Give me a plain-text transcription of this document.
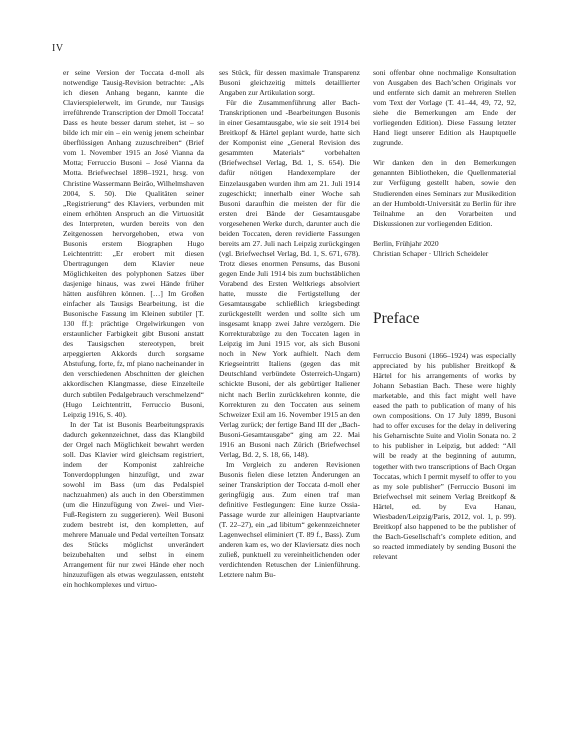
IV

er seine Version der Toccata d-moll als notwendige Tausig-Revision betrachte: „Als ich diesen Anhang begann, kannte die Clavierspielerwelt, im Grunde, nur Tausigs irreführende Transcription der Dmoll Toccata! Dass es heute besser darum stehet, ist – so bilde ich mir ein – ein wenig jenem scheinbar überflüssigen Anhang zuzuschreiben“ (Brief vom 1. November 1915 an José Vianna da Motta; Ferruccio Busoni – José Vianna da Motta. Briefwechsel 1898–1921, hrsg. von Christine Wassermann Beirão, Wilhelmshaven 2004, S. 50). Die Qualitäten seiner „Registrierung“ des Klaviers, verbunden mit einem erhöhten Anspruch an die Virtuosität des Interpreten, wurden bereits von den Zeitgenossen hervorgehoben, etwa von Busonis erstem Biographen Hugo Leichtentritt: „Er erobert mit diesen Übertragungen dem Klavier neue Möglichkeiten des polyphonen Satzes über dasjenige hinaus, was zwei Hände früher hätten ausführen können. […] Im Großen einfacher als Tausigs Bearbeitung, ist die Busonische Fassung im Kleinen subtiler [T. 130 ff.]: prächtige Orgelwirkungen von erstaunlicher Farbigkeit gibt Busoni anstatt des Tausigschen stereotypen, breit arpeggierten Akkords durch sorgsame Abstufung, forte, fz, mf piano nacheinander in den verschiedenen Abschnitten der gleichen akkordischen Klangmasse, diese Einzelteile durch subtilen Pedalgebrauch verschmelzend“ (Hugo Leichtentritt, Ferruccio Busoni, Leipzig 1916, S. 40).

In der Tat ist Busonis Bearbeitungspraxis dadurch gekennzeichnet, dass das Klangbild der Orgel nach Möglichkeit bewahrt werden soll. Das Klavier wird gleichsam registriert, indem der Komponist zahlreiche Tonverdopplungen hinzufügt, und zwar sowohl im Bass (um das Pedalspiel nachzuahmen) als auch in den Oberstimmen (um die Hinzufügung von Zwei- und Vier-Fuß-Registern zu suggerieren). Weil Busoni zudem bestrebt ist, den kompletten, auf mehrere Manuale und Pedal verteilten Tonsatz des Stücks möglichst unverändert beizubehalten und selbst in einem Arrangement für nur zwei Hände eher noch hinzuzufügen als etwas wegzulassen, entsteht ein hochkomplexes und virtuo-

ses Stück, für dessen maximale Transparenz Busoni gleichzeitig mittels detaillierter Angaben zur Artikulation sorgt.

Für die Zusammenführung aller Bach-Transkriptionen und -Bearbeitungen Busonis in einer Gesamtausgabe, wie sie seit 1914 bei Breitkopf & Härtel geplant wurde, hatte sich der Komponist eine „General Revision des gesammten Materials“ vorbehalten (Briefwechsel Verlag, Bd. 1, S. 654). Die dafür nötigen Handexemplare der Einzelausgaben wurden ihm am 21. Juli 1914 zugeschickt; innerhalb einer Woche sah Busoni daraufhin die meisten der für die ersten drei Bände der Gesamtausgabe vorgesehenen Werke durch, darunter auch die beiden Toccaten, deren revidierte Fassungen bereits am 27. Juli nach Leipzig zurückgingen (vgl. Briefwechsel Verlag, Bd. 1, S. 671, 678). Trotz dieses enormen Pensums, das Busoni gegen Ende Juli 1914 bis zum buchstäblichen Vorabend des Ersten Weltkriegs absolviert hatte, musste die Fertigstellung der Gesamtausgabe schließlich kriegsbedingt zurückgestellt werden und sollte sich um insgesamt knapp zwei Jahre verzögern. Die Korrekturabzüge zu den Toccaten lagen in Leipzig im Juni 1915 vor, als sich Busoni noch in New York aufhielt. Nach dem Kriegseintritt Italiens (gegen das mit Deutschland verbündete Österreich-Ungarn) schickte Busoni, der als gebürtiger Italiener nicht nach Berlin zurückkehren konnte, die Korrekturen zu den Toccaten aus seinem Schweizer Exil am 16. November 1915 an den Verlag zurück; der fertige Band III der „Bach-Busoni-Gesamtausgabe“ ging am 22. Mai 1916 an Busoni nach Zürich (Briefwechsel Verlag, Bd. 2, S. 18, 66, 148).

Im Vergleich zu anderen Revisionen Busonis fielen diese letzten Änderungen an seiner Transkription der Toccata d-moll eher geringfügig aus. Zum einen traf man definitive Festlegungen: Eine kurze Ossia-Passage wurde zur alleinigen Hauptvariante (T. 22–27), ein „ad libitum“ gekennzeichneter Lagenwechsel eliminiert (T. 89 f., Bass). Zum anderen kam es, wo der Klaviersatz dies noch zuließ, punktuell zu vereinheitlichenden oder verdichtenden Retuschen der Linienführung. Letztere nahm Bu-

soni offenbar ohne nochmalige Konsultation von Ausgaben des Bach’schen Originals vor und entfernte sich damit an mehreren Stellen vom Text der Vorlage (T. 41–44, 49, 72, 92, siehe die Bemerkungen am Ende der vorliegenden Edition). Diese Fassung letzter Hand liegt unserer Edition als Hauptquelle zugrunde.

Wir danken den in den Bemerkungen genannten Bibliotheken, die Quellenmaterial zur Verfügung gestellt haben, sowie den Studierenden eines Seminars zur Musikedition an der Humboldt-Universität zu Berlin für ihre Teilnahme an den Vorarbeiten und Diskussionen zur vorliegenden Edition.

Berlin, Frühjahr 2020

Christian Schaper · Ullrich Scheideler

Preface

Ferruccio Busoni (1866–1924) was especially appreciated by his publisher Breitkopf & Härtel for his arrangements of works by Johann Sebastian Bach. These were highly marketable, and this fact might well have eased the path to publication of many of his own compositions. On 17 July 1899, Busoni had to offer excuses for the delay in delivering his Geharnischte Suite and Violin Sonata no. 2 to his publisher in Leipzig, but added: “All will be ready at the beginning of autumn, together with two transcriptions of Bach Organ Toccatas, which I permit myself to offer to you as my sole publisher” (Ferruccio Busoni im Briefwechsel mit seinem Verlag Breitkopf & Härtel, ed. by Eva Hanau, Wiesbaden/Leipzig/Paris, 2012, vol. 1, p. 99). Breitkopf also happened to be the publisher of the Bach-Gesellschaft’s complete edition, and so reacted immediately by sending Busoni the relevant
